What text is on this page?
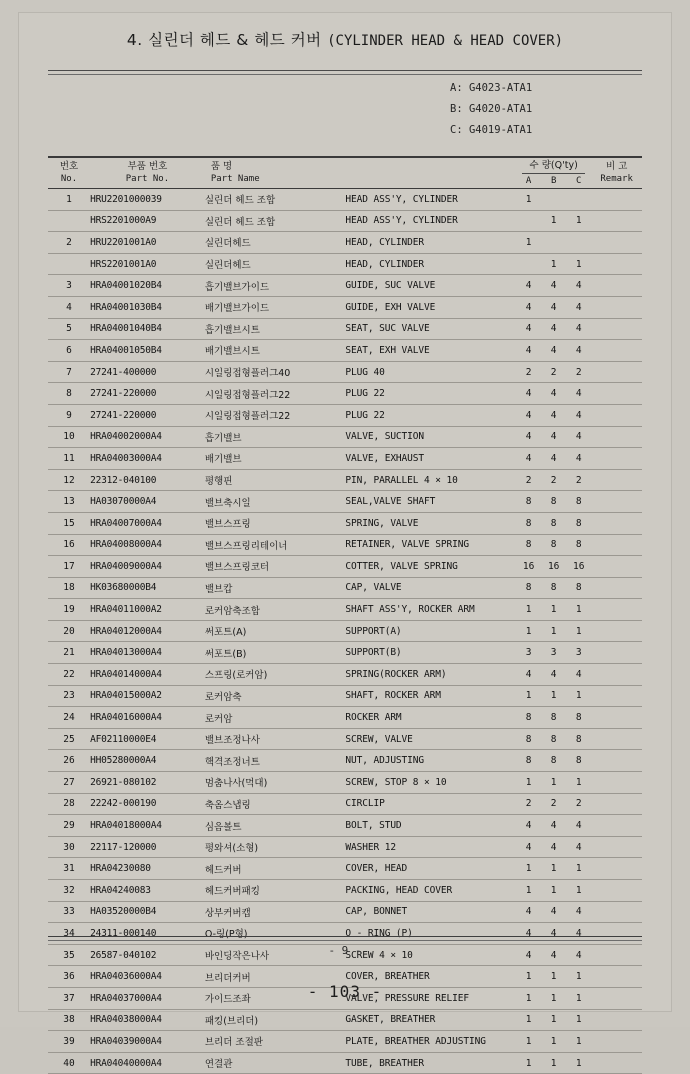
4. 실린더 헤드 & 헤드 커버 (CYLINDER HEAD & HEAD COVER)
A: G4023-ATA1
B: G4020-ATA1
C: G4019-ATA1
번호
No.	부품 번호
Part No.	품 명
Part Name		수 량(Q'ty)
A B C			비 고
Remark

1	HRU2201000039	실린더 헤드 조합	HEAD ASS'Y, CYLINDER	1			
	HRS2201000A9	실린더 헤드 조합	HEAD ASS'Y, CYLINDER		1	1	
2	HRU2201001A0	실린더헤드	HEAD, CYLINDER	1			
	HRS2201001A0	실린더헤드	HEAD, CYLINDER		1	1	
3	HRA04001020B4	흡기밸브가이드	GUIDE, SUC VALVE	4	4	4	
4	HRA04001030B4	배기밸브가이드	GUIDE, EXH VALVE	4	4	4	
5	HRA04001040B4	흡기밸브시트	SEAT, SUC VALVE	4	4	4	
6	HRA04001050B4	배기밸브시트	SEAT, EXH VALVE	4	4	4	
7	27241-400000	시일링접형플러그40	PLUG 40	2	2	2	
8	27241-220000	시일링접형플러그22	PLUG 22	4	4	4	
9	27241-220000	시일링접형플러그22	PLUG 22	4	4	4	
10	HRA04002000A4	흡기밸브	VALVE, SUCTION	4	4	4	
11	HRA04003000A4	배기밸브	VALVE, EXHAUST	4	4	4	
12	22312-040100	평행핀	PIN, PARALLEL 4 × 10	2	2	2	
13	HA03070000A4	밸브축시일	SEAL,VALVE SHAFT	8	8	8	
15	HRA04007000A4	밸브스프링	SPRING, VALVE	8	8	8	
16	HRA04008000A4	밸브스프링리테이너	RETAINER, VALVE SPRING	8	8	8	
17	HRA04009000A4	밸브스프링코터	COTTER, VALVE SPRING	16	16	16	
18	HK03680000B4	밸브캅	CAP, VALVE	8	8	8	
19	HRA04011000A2	로커암축조합	SHAFT ASS'Y, ROCKER ARM	1	1	1	
20	HRA04012000A4	써포트(A)	SUPPORT(A)	1	1	1	
21	HRA04013000A4	써포트(B)	SUPPORT(B)	3	3	3	
22	HRA04014000A4	스프링(로커암)	SPRING(ROCKER ARM)	4	4	4	
23	HRA04015000A2	로커암축	SHAFT, ROCKER ARM	1	1	1	
24	HRA04016000A4	로커암	ROCKER ARM	8	8	8	
25	AF02110000E4	밸브조정나사	SCREW, VALVE	8	8	8	
26	HH05280000A4	핵격조정너트	NUT, ADJUSTING	8	8	8	
27	26921-080102	멈춤나사(먹대)	SCREW, STOP 8 × 10	1	1	1	
28	22242-000190	축옴스냅링	CIRCLIP	2	2	2	
29	HRA04018000A4	심음볼트	BOLT, STUD	4	4	4	
30	22117-120000	평와셔(소형)	WASHER 12	4	4	4	
31	HRA04230080	헤드커버	COVER, HEAD	1	1	1	
32	HRA04240083	헤드커버패킹	PACKING, HEAD COVER	1	1	1	
33	HA03520000B4	상부커버캡	CAP, BONNET	4	4	4	
34	24311-000140	O-링(P형)	O - RING (P)	4	4	4	
35	26587-040102	바인딩작은나사	SCREW 4 × 10	4	4	4	
36	HRA04036000A4	브리더커버	COVER, BREATHER	1	1	1	
37	HRA04037000A4	가이드조좌	VALVE, PRESSURE RELIEF	1	1	1	
38	HRA04038000A4	패킹(브리더)	GASKET, BREATHER	1	1	1	
39	HRA04039000A4	브리더 조절판	PLATE, BREATHER ADJUSTING	1	1	1	
40	HRA04040000A4	연결관	TUBE, BREATHER	1	1	1	
- 9 -
- 103 -
